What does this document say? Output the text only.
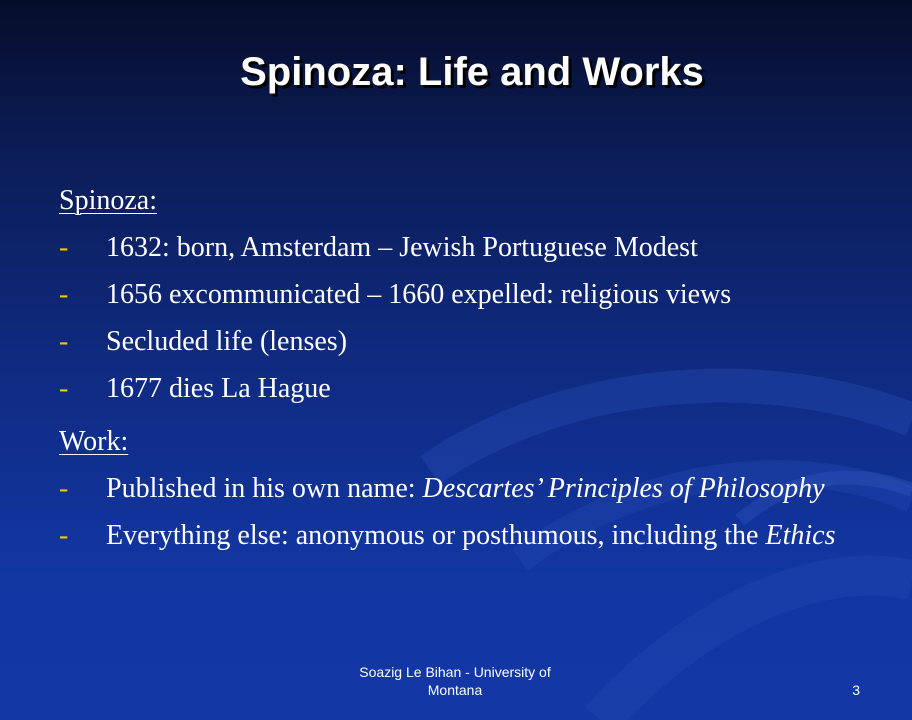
Spinoza: Life and Works
Spinoza:
-	1632: born, Amsterdam – Jewish Portuguese Modest
-	1656 excommunicated – 1660 expelled: religious views
-	Secluded life (lenses)
-	1677 dies La Hague
Work:
-	Published in his own name: Descartes’ Principles of Philosophy
-	Everything else: anonymous or posthumous, including the Ethics
Soazig Le Bihan - University of
Montana	3
